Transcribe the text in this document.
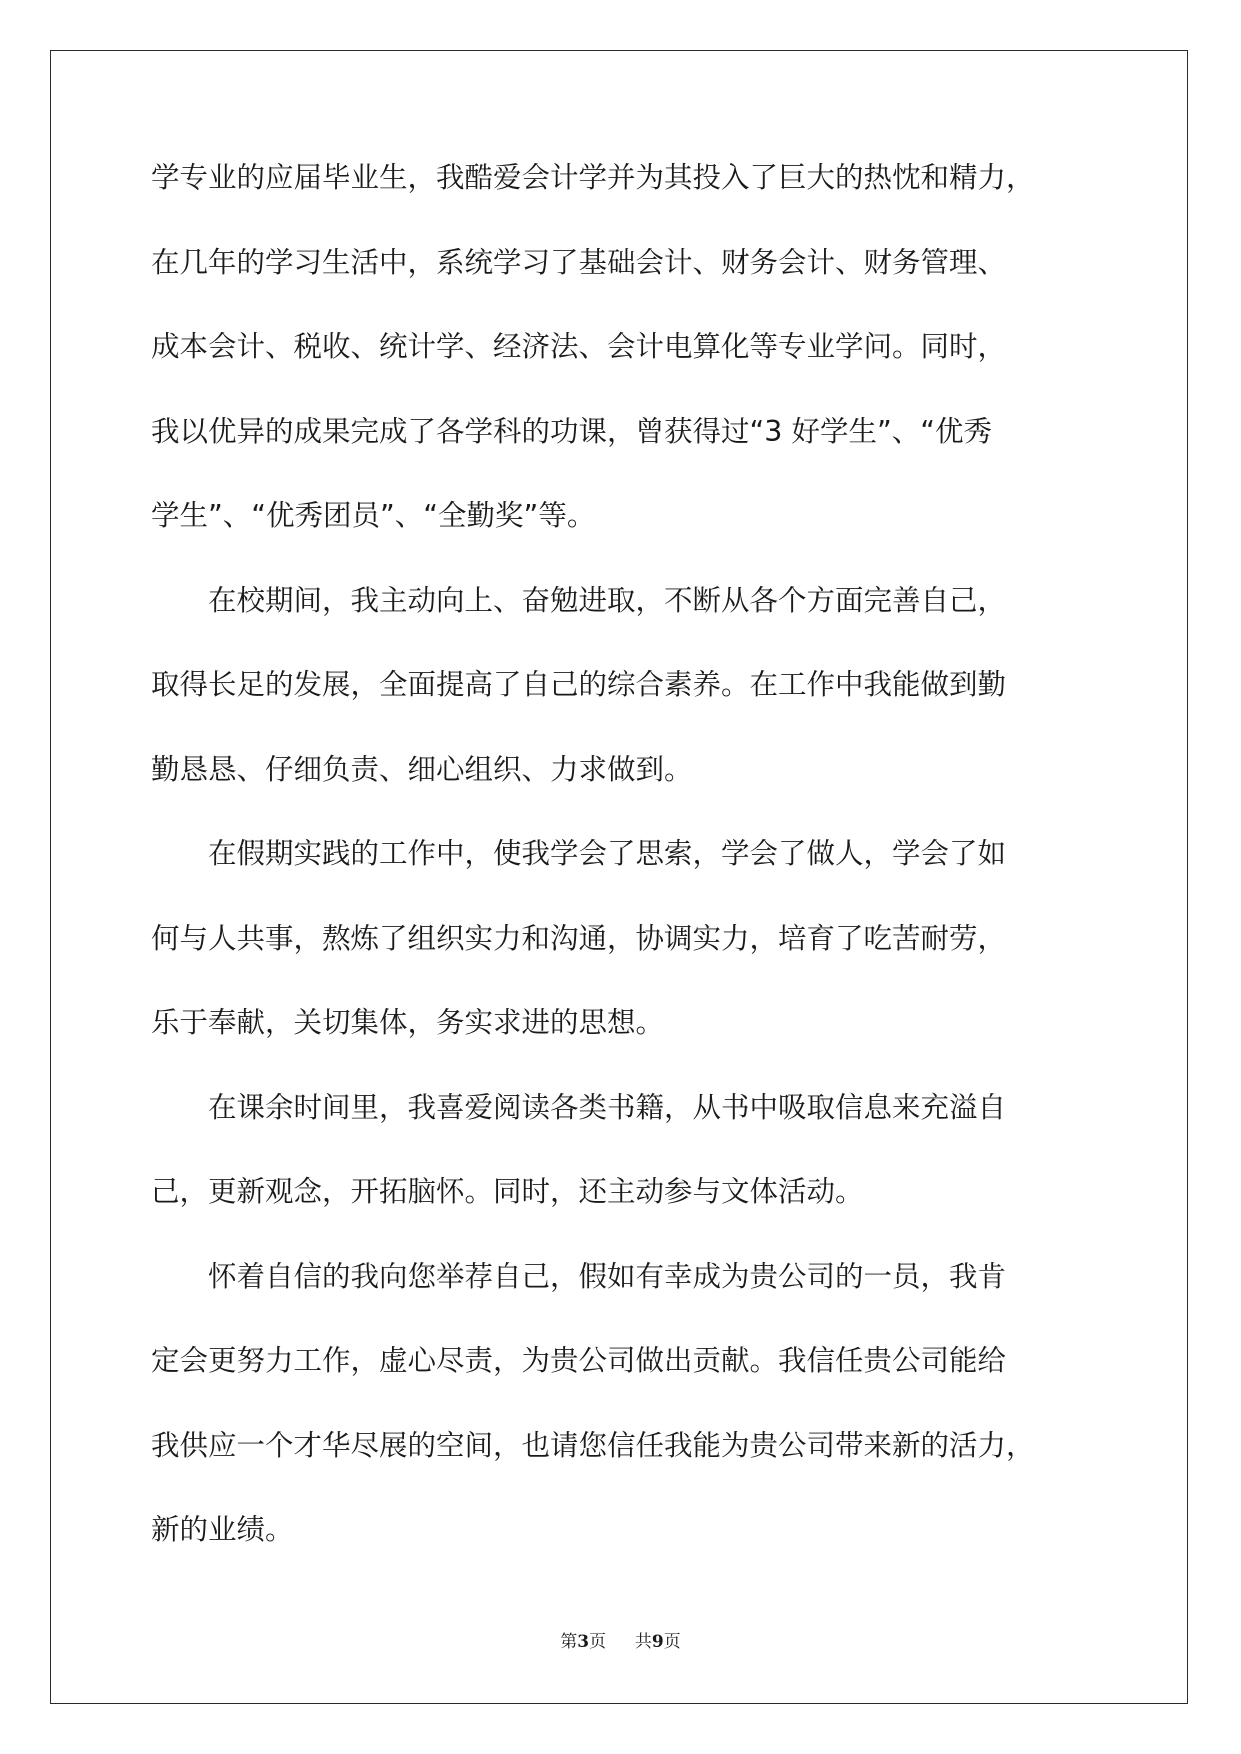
学专业的应届毕业生，我酷爱会计学并为其投入了巨大的热忱和精力，
在几年的学习生活中，系统学习了基础会计、财务会计、财务管理、
成本会计、税收、统计学、经济法、会计电算化等专业学问。同时，
我以优异的成果完成了各学科的功课，曾获得过“3 好学生”、“优秀
学生”、“优秀团员”、“全勤奖”等。
　　在校期间，我主动向上、奋勉进取，不断从各个方面完善自己，
取得长足的发展，全面提高了自己的综合素养。在工作中我能做到勤
勤恳恳、仔细负责、细心组织、力求做到。
　　在假期实践的工作中，使我学会了思索，学会了做人，学会了如
何与人共事，熬炼了组织实力和沟通，协调实力，培育了吃苦耐劳，
乐于奉献，关切集体，务实求进的思想。
　　在课余时间里，我喜爱阅读各类书籍，从书中吸取信息来充溢自
己，更新观念，开拓脑怀。同时，还主动参与文体活动。
　　怀着自信的我向您举荐自己，假如有幸成为贵公司的一员，我肯
定会更努力工作，虚心尽责，为贵公司做出贡献。我信任贵公司能给
我供应一个才华尽展的空间，也请您信任我能为贵公司带来新的活力，
新的业绩。
第3页 共9页
